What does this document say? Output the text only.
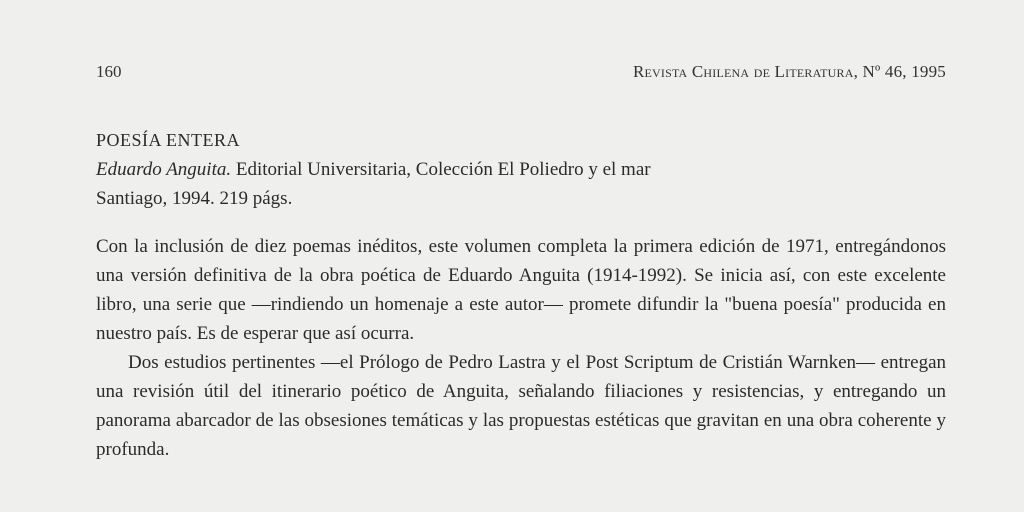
160	Revista Chilena de Literatura, Nº 46, 1995
POESÍA ENTERA
Eduardo Anguita. Editorial Universitaria, Colección El Poliedro y el mar
Santiago, 1994. 219 págs.

Con la inclusión de diez poemas inéditos, este volumen completa la primera edición de 1971, entregándonos una versión definitiva de la obra poética de Eduardo Anguita (1914-1992). Se inicia así, con este excelente libro, una serie que —rindiendo un homenaje a este autor— promete difundir la "buena poesía" producida en nuestro país. Es de esperar que así ocurra.

Dos estudios pertinentes —el Prólogo de Pedro Lastra y el Post Scriptum de Cristián Warnken— entregan una revisión útil del itinerario poético de Anguita, señalando filiaciones y resistencias, y entregando un panorama abarcador de las obsesiones temáticas y las propuestas estéticas que gravitan en una obra coherente y profunda.
